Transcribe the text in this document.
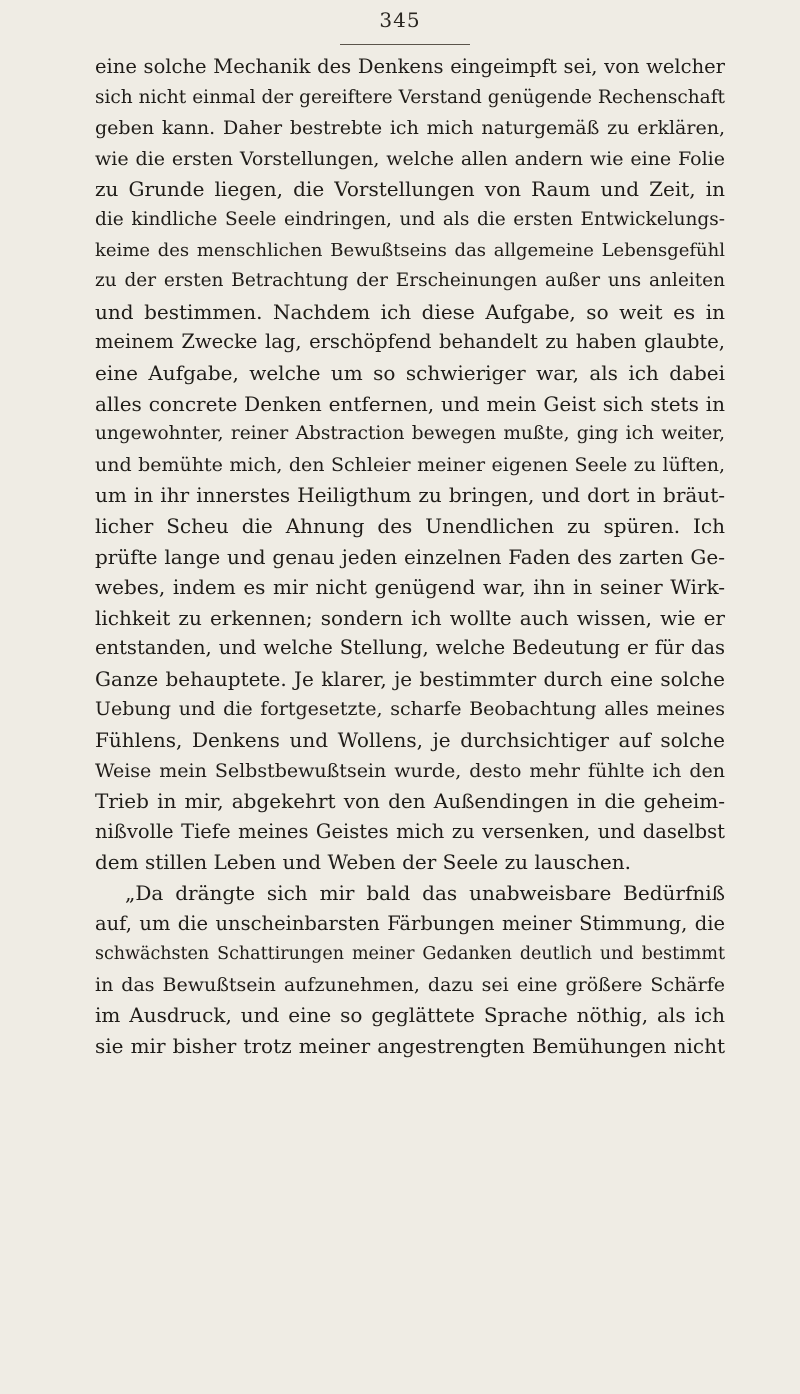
345
eine solche Mechanik des Denkens eingeimpft sei, von welcher
sich nicht einmal der gereiftere Verstand genügende Rechenschaft
geben kann. Daher bestrebte ich mich naturgemäß zu erklären,
wie die ersten Vorstellungen, welche allen andern wie eine Folie
zu Grunde liegen, die Vorstellungen von Raum und Zeit, in
die kindliche Seele eindringen, und als die ersten Entwickelungs-
keime des menschlichen Bewußtseins das allgemeine Lebensgefühl
zu der ersten Betrachtung der Erscheinungen außer uns anleiten
und bestimmen. Nachdem ich diese Aufgabe, so weit es in
meinem Zwecke lag, erschöpfend behandelt zu haben glaubte,
eine Aufgabe, welche um so schwieriger war, als ich dabei
alles concrete Denken entfernen, und mein Geist sich stets in
ungewohnter, reiner Abstraction bewegen mußte, ging ich weiter,
und bemühte mich, den Schleier meiner eigenen Seele zu lüften,
um in ihr innerstes Heiligthum zu bringen, und dort in bräut-
licher Scheu die Ahnung des Unendlichen zu spüren. Ich
prüfte lange und genau jeden einzelnen Faden des zarten Ge-
webes, indem es mir nicht genügend war, ihn in seiner Wirk-
lichkeit zu erkennen; sondern ich wollte auch wissen, wie er
entstanden, und welche Stellung, welche Bedeutung er für das
Ganze behauptete. Je klarer, je bestimmter durch eine solche
Uebung und die fortgesetzte, scharfe Beobachtung alles meines
Fühlens, Denkens und Wollens, je durchsichtiger auf solche
Weise mein Selbstbewußtsein wurde, desto mehr fühlte ich den
Trieb in mir, abgekehrt von den Außendingen in die geheim-
nißvolle Tiefe meines Geistes mich zu versenken, und daselbst
dem stillen Leben und Weben der Seele zu lauschen.
„Da drängte sich mir bald das unabweisbare Bedürfniß
auf, um die unscheinbarsten Färbungen meiner Stimmung, die
schwächsten Schattirungen meiner Gedanken deutlich und bestimmt
in das Bewußtsein aufzunehmen, dazu sei eine größere Schärfe
im Ausdruck, und eine so geglättete Sprache nöthig, als ich
sie mir bisher trotz meiner angestrengten Bemühungen nicht
